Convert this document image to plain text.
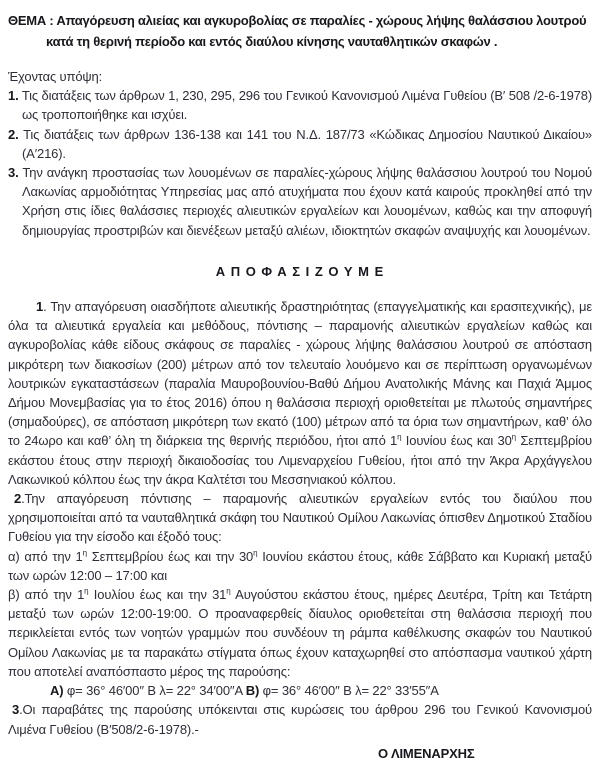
ΘΕΜΑ : Απαγόρευση αλιείας και αγκυροβολίας σε παραλίες - χώρους λήψης θαλάσσιου λουτρού κατά τη θερινή περίοδο και εντός διαύλου κίνησης ναυταθλητικών σκαφών .

Έχοντας υπόψη:

1. Τις διατάξεις των άρθρων 1, 230, 295, 296 του Γενικού Κανονισμού Λιμένα Γυθείου (Β′ 508 /2-6-1978) ως τροποποιήθηκε και ισχύει.

2. Τις διατάξεις των άρθρων 136-138 και 141 του Ν.Δ. 187/73 «Κώδικας Δημοσίου Ναυτικού Δικαίου» (Α′216).

3. Την ανάγκη προστασίας των λουομένων σε παραλίες-χώρους λήψης θαλάσσιου λουτρού του Νομού Λακωνίας αρμοδιότητας Υπηρεσίας μας από ατυχήματα που έχουν κατά καιρούς προκληθεί από την Χρήση στις ίδιες θαλάσσιες περιοχές αλιευτικών εργαλείων και λουομένων, καθώς και την αποφυγή δημιουργίας προστριβών και διενέξεων μεταξύ αλιέων, ιδιοκτητών σκαφών αναψυχής και λουομένων.

Α Π Ο Φ Α Σ Ι Ζ Ο Υ Μ Ε

1. Την απαγόρευση οιασδήποτε αλιευτικής δραστηριότητας (επαγγελματικής και ερασιτεχνικής), με όλα τα αλιευτικά εργαλεία και μεθόδους, πόντισης – παραμονής αλιευτικών εργαλείων καθώς και αγκυροβολίας κάθε είδους σκάφους σε παραλίες - χώρους λήψης θαλάσσιου λουτρού σε απόσταση μικρότερη των διακοσίων (200) μέτρων από τον τελευταίο λουόμενο και σε περίπτωση οργανωμένων λουτρικών εγκαταστάσεων (παραλία Μαυροβουνίου-Βαθύ Δήμου Ανατολικής Μάνης και Παχιά Άμμος Δήμου Μονεμβασίας για το έτος 2016) όπου η θαλάσσια περιοχή οριοθετείται με πλωτούς σημαντήρες (σημαδούρες), σε απόσταση μικρότερη των εκατό (100) μέτρων από τα όρια των σημαντήρων, καθ’ όλο το 24ωρο και καθ’ όλη τη διάρκεια της θερινής περιόδου, ήτοι από $1^\eta$ Ιουνίου έως και $30^\eta$ Σεπτεμβρίου εκάστου έτους στην περιοχή δικαιοδοσίας του Λιμεναρχείου Γυθείου, ήτοι από την Άκρα Αρχάγγελου Λακωνικού κόλπου έως την άκρα Καλτέτσι του Μεσσηνιακού κόλπου.

2.Την απαγόρευση πόντισης – παραμονής αλιευτικών εργαλείων εντός του διαύλου που χρησιμοποιείται από τα ναυταθλητικά σκάφη του Ναυτικού Ομίλου Λακωνίας όπισθεν Δημοτικού Σταδίου Γυθείου για την είσοδο και έξοδό τους:

α) από την $1^\eta$ Σεπτεμβρίου έως και την $30^\eta$ Ιουνίου εκάστου έτους, κάθε Σάββατο και Κυριακή μεταξύ των ωρών 12:00 – 17:00 και

β) από την $1^\eta$ Ιουλίου έως και την $31^\eta$ Αυγούστου εκάστου έτους, ημέρες Δευτέρα, Τρίτη και Τετάρτη μεταξύ των ωρών 12:00-19:00. Ο προαναφερθείς δίαυλος οριοθετείται στη θαλάσσια περιοχή που περικλείεται εντός των νοητών γραμμών που συνδέουν τη ράμπα καθέλκυσης σκαφών του Ναυτικού Ομίλου Λακωνίας με τα παρακάτω στίγματα όπως έχουν καταχωρηθεί στο απόσπασμα ναυτικού χάρτη που αποτελεί αναπόσπαστο μέρος της παρούσης:

Α) φ= 36° 46′00′′ Β λ= 22° 34′00′′Α Β) φ= 36° 46′00′′ Β λ= 22° 33′55′′Α

3.Οι παραβάτες της παρούσης υπόκεινται στις κυρώσεις του άρθρου 296 του Γενικού Κανονισμού Λιμένα Γυθείου (Β′508/2-6-1978).-

Ο ΛΙΜΕΝΑΡΧΗΣ
